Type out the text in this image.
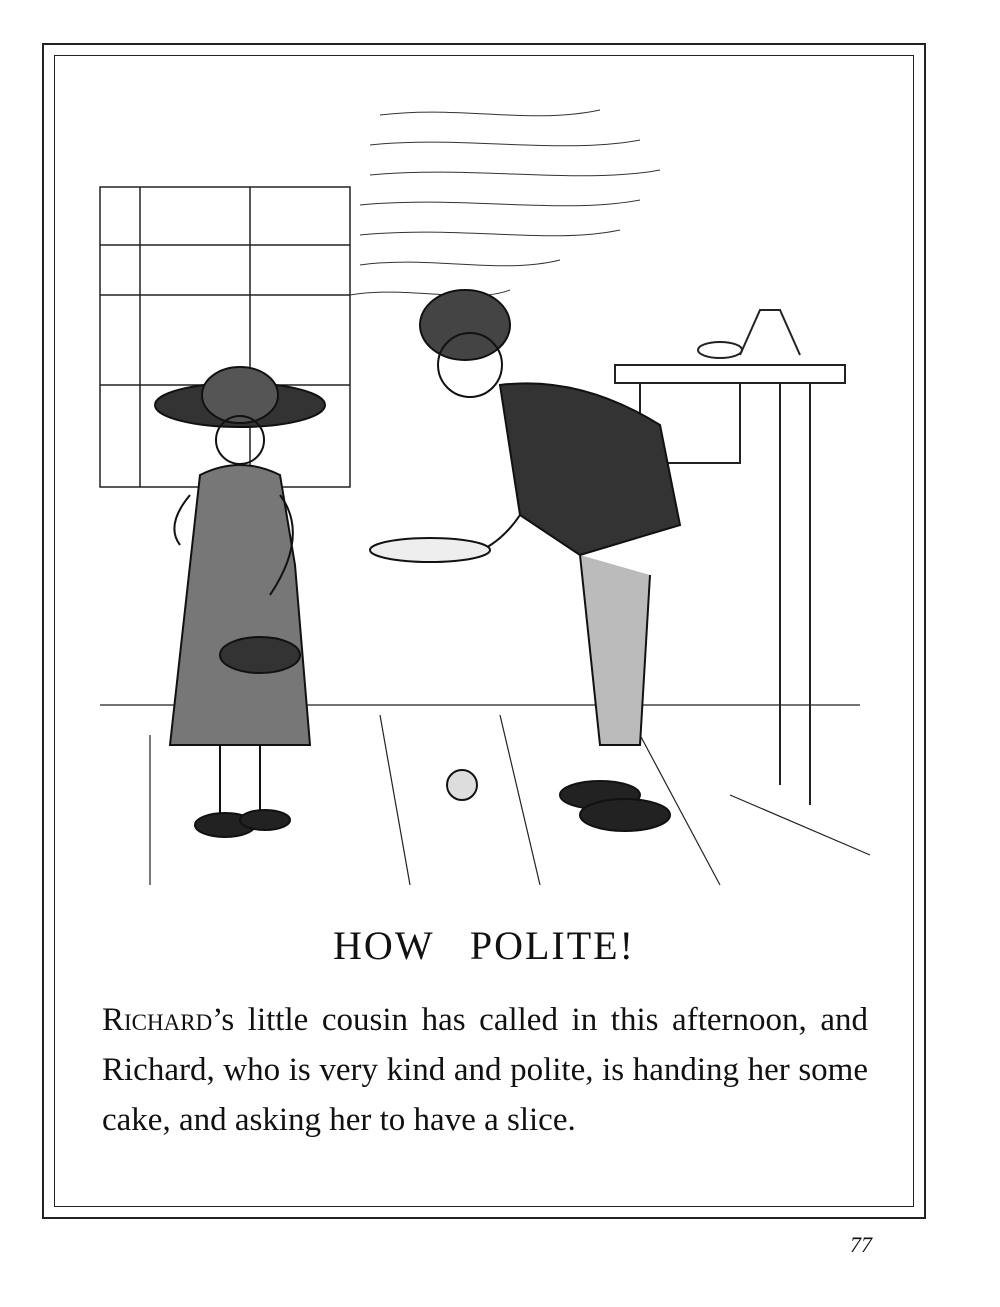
HOW POLITE!

Richard’s little cousin has called in this afternoon, and Richard, who is very kind and polite, is handing her some cake, and asking her to have a slice.

77
